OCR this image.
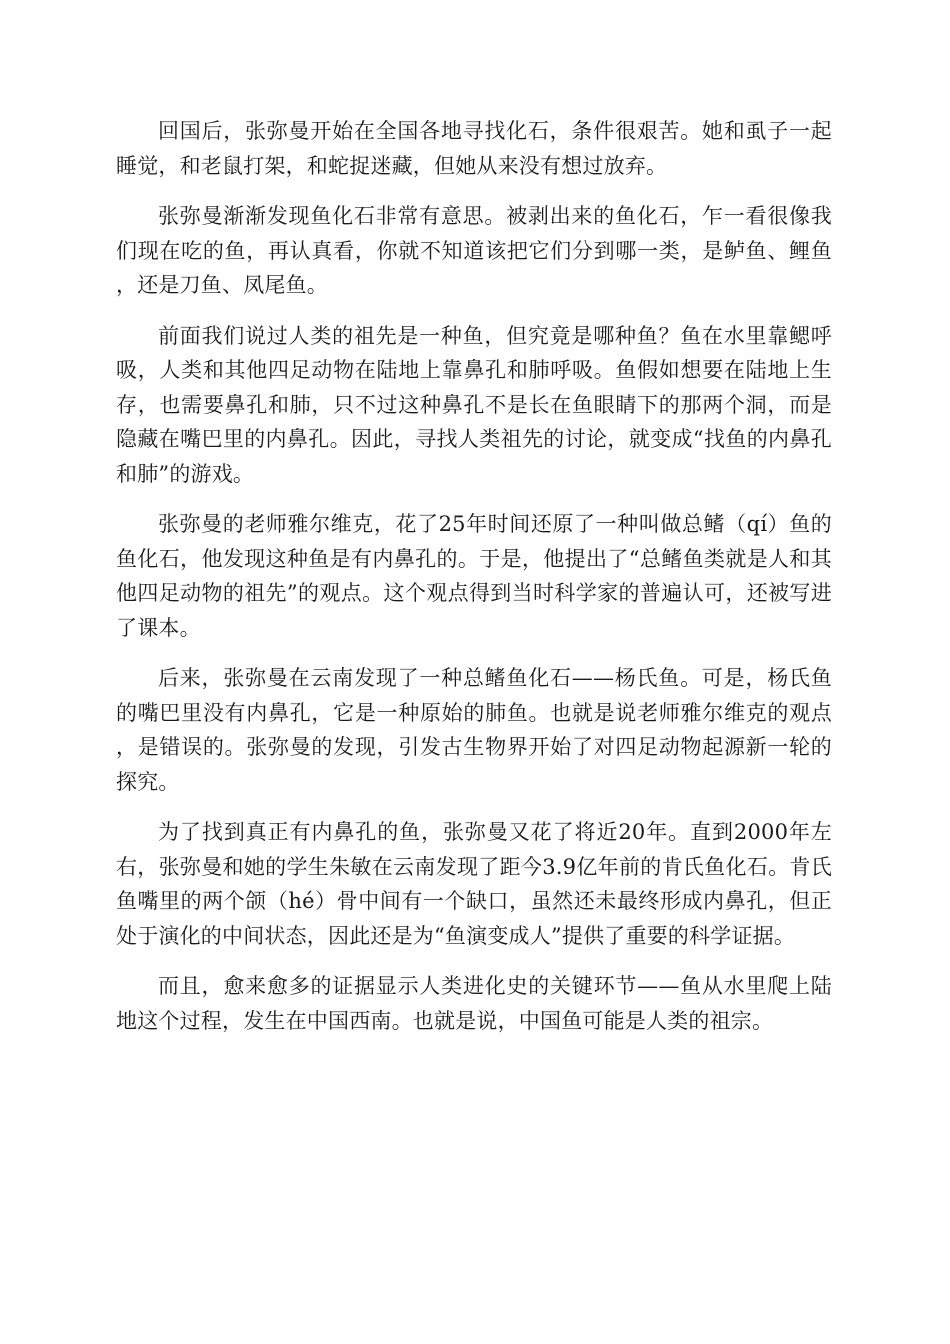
回国后，张弥曼开始在全国各地寻找化石，条件很艰苦。她和虱子一起睡觉，和老鼠打架，和蛇捉迷藏，但她从来没有想过放弃。

张弥曼渐渐发现鱼化石非常有意思。被剥出来的鱼化石，乍一看很像我们现在吃的鱼，再认真看，你就不知道该把它们分到哪一类，是鲈鱼、鲤鱼，还是刀鱼、凤尾鱼。

前面我们说过人类的祖先是一种鱼，但究竟是哪种鱼？鱼在水里靠鳃呼吸，人类和其他四足动物在陆地上靠鼻孔和肺呼吸。鱼假如想要在陆地上生存，也需要鼻孔和肺，只不过这种鼻孔不是长在鱼眼睛下的那两个洞，而是隐藏在嘴巴里的内鼻孔。因此，寻找人类祖先的讨论，就变成“找鱼的内鼻孔和肺”的游戏。

张弥曼的老师雅尔维克，花了25年时间还原了一种叫做总鳍（qí）鱼的鱼化石，他发现这种鱼是有内鼻孔的。于是，他提出了“总鳍鱼类就是人和其他四足动物的祖先”的观点。这个观点得到当时科学家的普遍认可，还被写进了课本。

后来，张弥曼在云南发现了一种总鳍鱼化石——杨氏鱼。可是，杨氏鱼的嘴巴里没有内鼻孔，它是一种原始的肺鱼。也就是说老师雅尔维克的观点，是错误的。张弥曼的发现，引发古生物界开始了对四足动物起源新一轮的探究。

为了找到真正有内鼻孔的鱼，张弥曼又花了将近20年。直到2000年左右，张弥曼和她的学生朱敏在云南发现了距今3.9亿年前的肯氏鱼化石。肯氏鱼嘴里的两个颌（hé）骨中间有一个缺口，虽然还未最终形成内鼻孔，但正处于演化的中间状态，因此还是为“鱼演变成人”提供了重要的科学证据。

而且，愈来愈多的证据显示人类进化史的关键环节——鱼从水里爬上陆地这个过程，发生在中国西南。也就是说，中国鱼可能是人类的祖宗。
